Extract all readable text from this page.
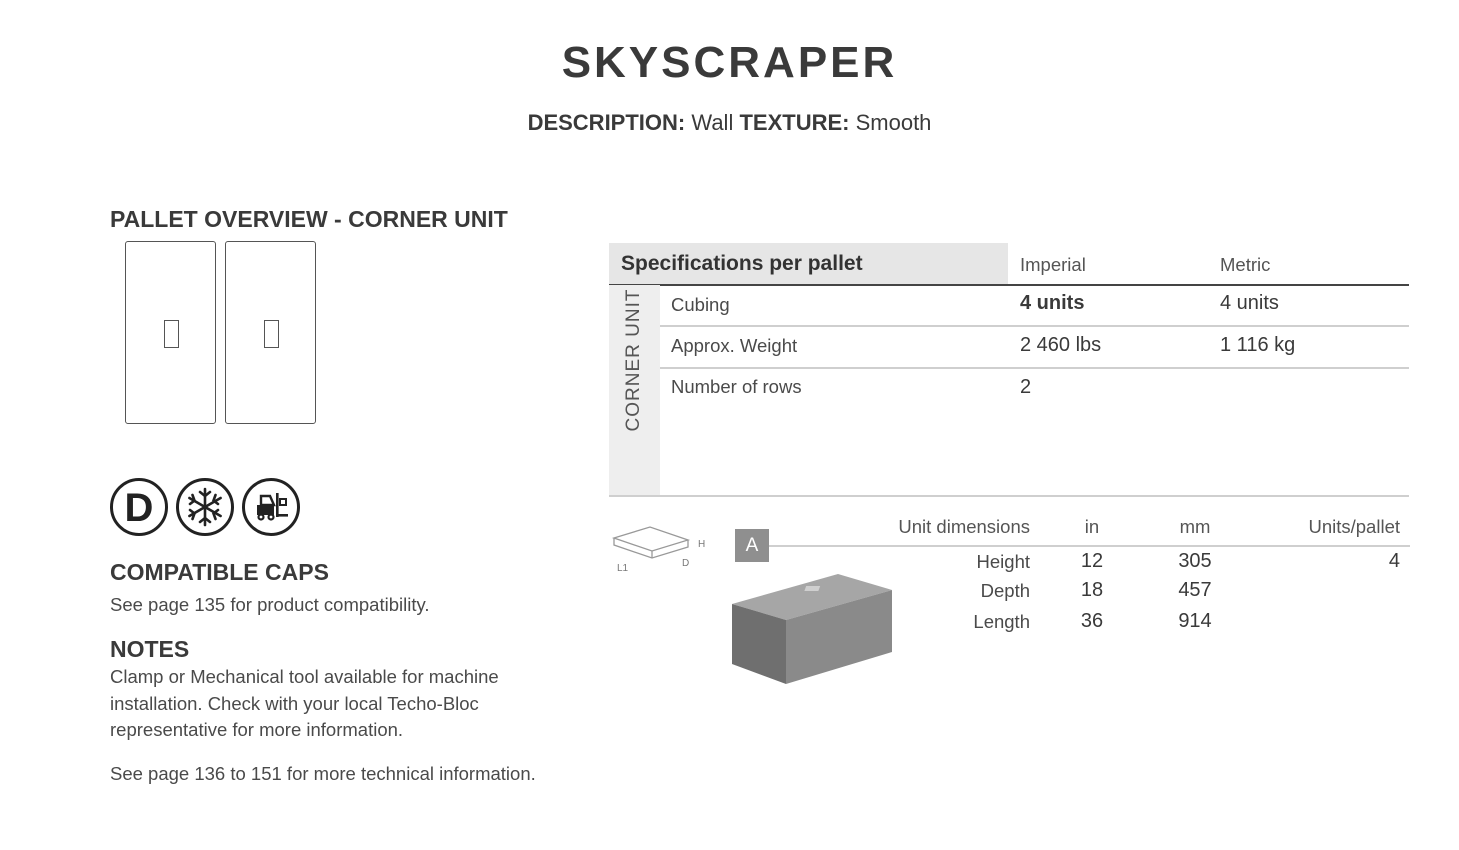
SKYSCRAPER
DESCRIPTION: Wall TEXTURE: Smooth
PALLET OVERVIEW - CORNER UNIT
D
COMPATIBLE CAPS
See page 135 for product compatibility.
NOTES
Clamp or Mechanical tool available for machine installation. Check with your local Techo-Bloc representative for more information.
See page 136 to 151 for more technical information.
Specifications per pallet	Imperial	Metric
CORNER UNIT Cubing	4 units	4 units
Approx. Weight	2 460 lbs	1 116 kg
Number of rows	2
H
D
L1
A
Unit dimensions	in	mm	Units/pallet
Height	12	305	4
Depth	18	457
Length	36	914
